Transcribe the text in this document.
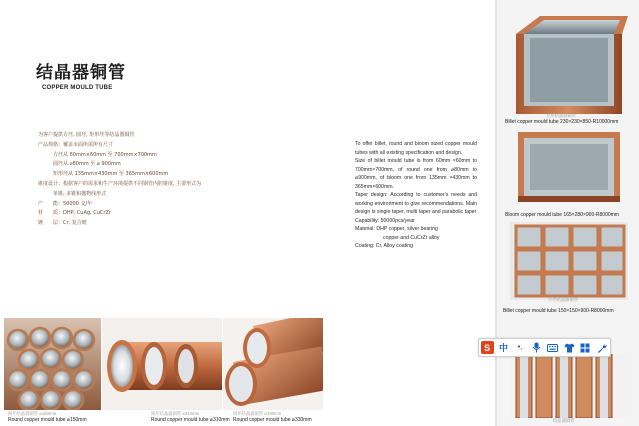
结晶器铜管
COPPER MOULD TUBE
为客户提供方坯, 圆坯, 矩形坯等结晶器铜管
产品规格：覆盖市面所需所有尺寸
　　　方坯从 60mm×60mm 至 700mm×700mm
　　　圆坯从 ⌀80mm 至 ⌀ 900mm
　　　矩形坯从 135mm×430mm 至 365mm×600mm
锥度设计：根据客户的需求和生产环境提供不同钢管内腔锥度, 主要形式为
　　　单锥, 多锥和抛物线形式
产　　能：50000 支/年
材　　质：DHP, CuAg, CuCrZr
镀　　层：Cr, 复合镀

To offer billet, round and bloom sized copper mould tubes with all existing specification and design.

Size of billet mould tube is from 60mm ×60mm to 700mm×700mm, of round one from ⌀80mm to ⌀900mm, of bloom one from 135mm ×430mm to 365mm×600mm.

Taper design: According to customer's needs and working environment to give recommendations. Main design is single taper, multi taper and parabolic taper

Capability: 50000pcs/year

Material: DHP copper, silver bearing

copper and CuCrZr alloy

Coating: Cr, Alloy coating

圆坯结晶器铜管 ⌀150mm
Round copper mould tube ⌀150mm
圆坯结晶器铜管 ⌀310mm
Round copper mould tube ⌀310mm
圆坯结晶器铜管 ⌀330mm
Round copper mould tube ⌀330mm
方坯结晶器铜管
Billet copper mould tube 230×230×850-R10000mm
Bloom copper mould tube 165×280×900-R8000mm
方坯结晶器铜管
Billet copper mould tube 150×150×900-R8000mm
结晶器铜管
S 中	•,
